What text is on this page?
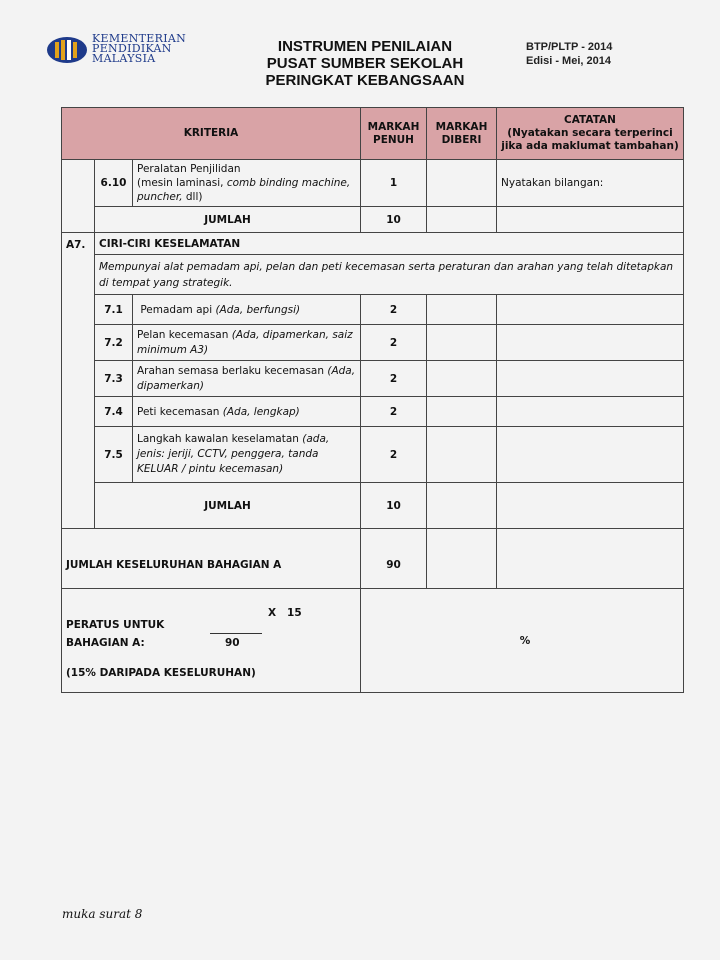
KEMENTERIAN
PENDIDIKAN
MALAYSIA
INSTRUMEN PENILAIAN
PUSAT SUMBER SEKOLAH
PERINGKAT KEBANGSAAN
BTP/PLTP - 2014
Edisi - Mei, 2014
KRITERIA			MARKAH PENUH	MARKAH DIBERI	CATATAN
(Nyatakan secara terperinci jika ada maklumat tambahan)

	6.10	Peralatan Penjilidan
(mesin laminasi, comb binding machine,
puncher, dll)	1		Nyatakan bilangan:
	JUMLAH		10		
A7.	CIRI-CIRI KESELAMATAN				
	Mempunyai alat pemadam api, pelan dan peti kecemasan serta peraturan dan arahan yang telah ditetapkan di tempat yang strategik.				
	7.1	Pemadam api (Ada, berfungsi)	2		
	7.2	Pelan kecemasan (Ada, dipamerkan, saiz minimum A3)	2		
	7.3	Arahan semasa berlaku kecemasan (Ada, dipamerkan)	2		
	7.4	Peti kecemasan (Ada, lengkap)	2		
	7.5	Langkah kawalan keselamatan (ada, jenis: jeriji, CCTV, penggera, tanda KELUAR / pintu kecemasan)	2		
	JUMLAH		10		
JUMLAH KESELURUHAN BAHAGIAN A			90		

PERATUS UNTUK
BAHAGIAN A:
(15% DARIPADA KESELURUHAN)
X   15
90			%		
muka surat 8
